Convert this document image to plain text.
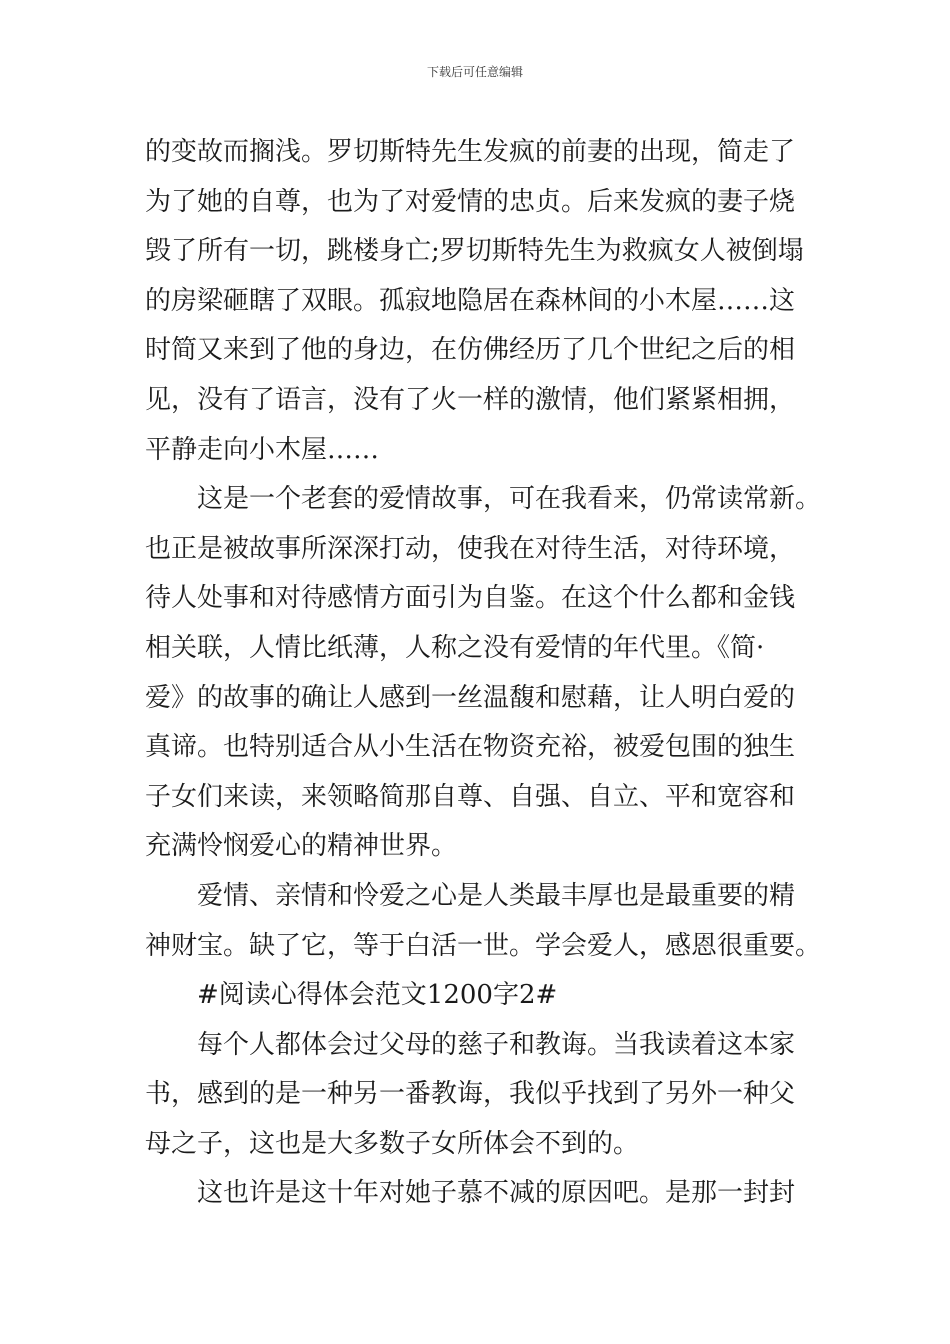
下载后可任意编辑
的变故而搁浅。罗切斯特先生发疯的前妻的出现，简走了
为了她的自尊，也为了对爱情的忠贞。后来发疯的妻子烧
毁了所有一切，跳楼身亡;罗切斯特先生为救疯女人被倒塌
的房梁砸瞎了双眼。孤寂地隐居在森林间的小木屋……这
时简又来到了他的身边，在仿佛经历了几个世纪之后的相
见，没有了语言，没有了火一样的激情，他们紧紧相拥，
平静走向小木屋……
这是一个老套的爱情故事，可在我看来，仍常读常新。
也正是被故事所深深打动，使我在对待生活，对待环境，
待人处事和对待感情方面引为自鉴。在这个什么都和金钱
相关联，人情比纸薄，人称之没有爱情的年代里。《简·
爱》的故事的确让人感到一丝温馥和慰藉，让人明白爱的
真谛。也特别适合从小生活在物资充裕，被爱包围的独生
子女们来读，来领略简那自尊、自强、自立、平和宽容和
充满怜悯爱心的精神世界。
爱情、亲情和怜爱之心是人类最丰厚也是最重要的精
神财宝。缺了它，等于白活一世。学会爱人，感恩很重要。
#阅读心得体会范文1200字2#
每个人都体会过父母的慈子和教诲。当我读着这本家
书，感到的是一种另一番教诲，我似乎找到了另外一种父
母之子，这也是大多数子女所体会不到的。
这也许是这十年对她子慕不减的原因吧。是那一封封
